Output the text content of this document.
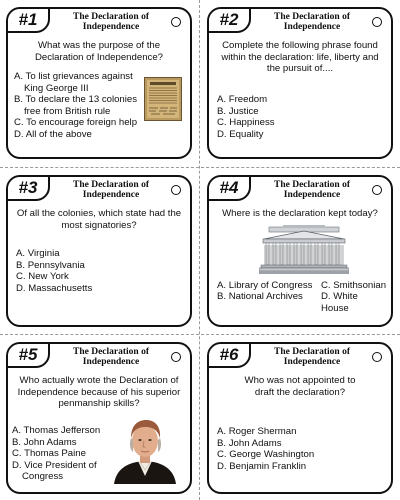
#1	The Declaration of Independence
What was the purpose of the Declaration of Independence?
A. To list grievances against King George III
B. To declare the 13 colonies free from British rule
C. To encourage foreign help
D. All of the above
#2	The Declaration of Independence
Complete the following phrase found within the declaration: life, liberty and the pursuit of....
A. Freedom
B. Justice
C. Happiness
D. Equality
#3	The Declaration of Independence
Of all the colonies, which state had the most signatories?
A. Virginia
B. Pennsylvania
C. New York
D. Massachusetts
#4	The Declaration of Independence
Where is the declaration kept today?
A. Library of Congress C. Smithsonian
B. National Archives	D. White House
#5	The Declaration of Independence
Who actually wrote the Declaration of Independence because of his superior penmanship skills?
A. Thomas Jefferson
B. John Adams
C. Thomas Paine
D. Vice President of Congress
#6	The Declaration of Independence
Who was not appointed to draft the declaration?
A. Roger Sherman
B. John Adams
C. George Washington
D. Benjamin Franklin
